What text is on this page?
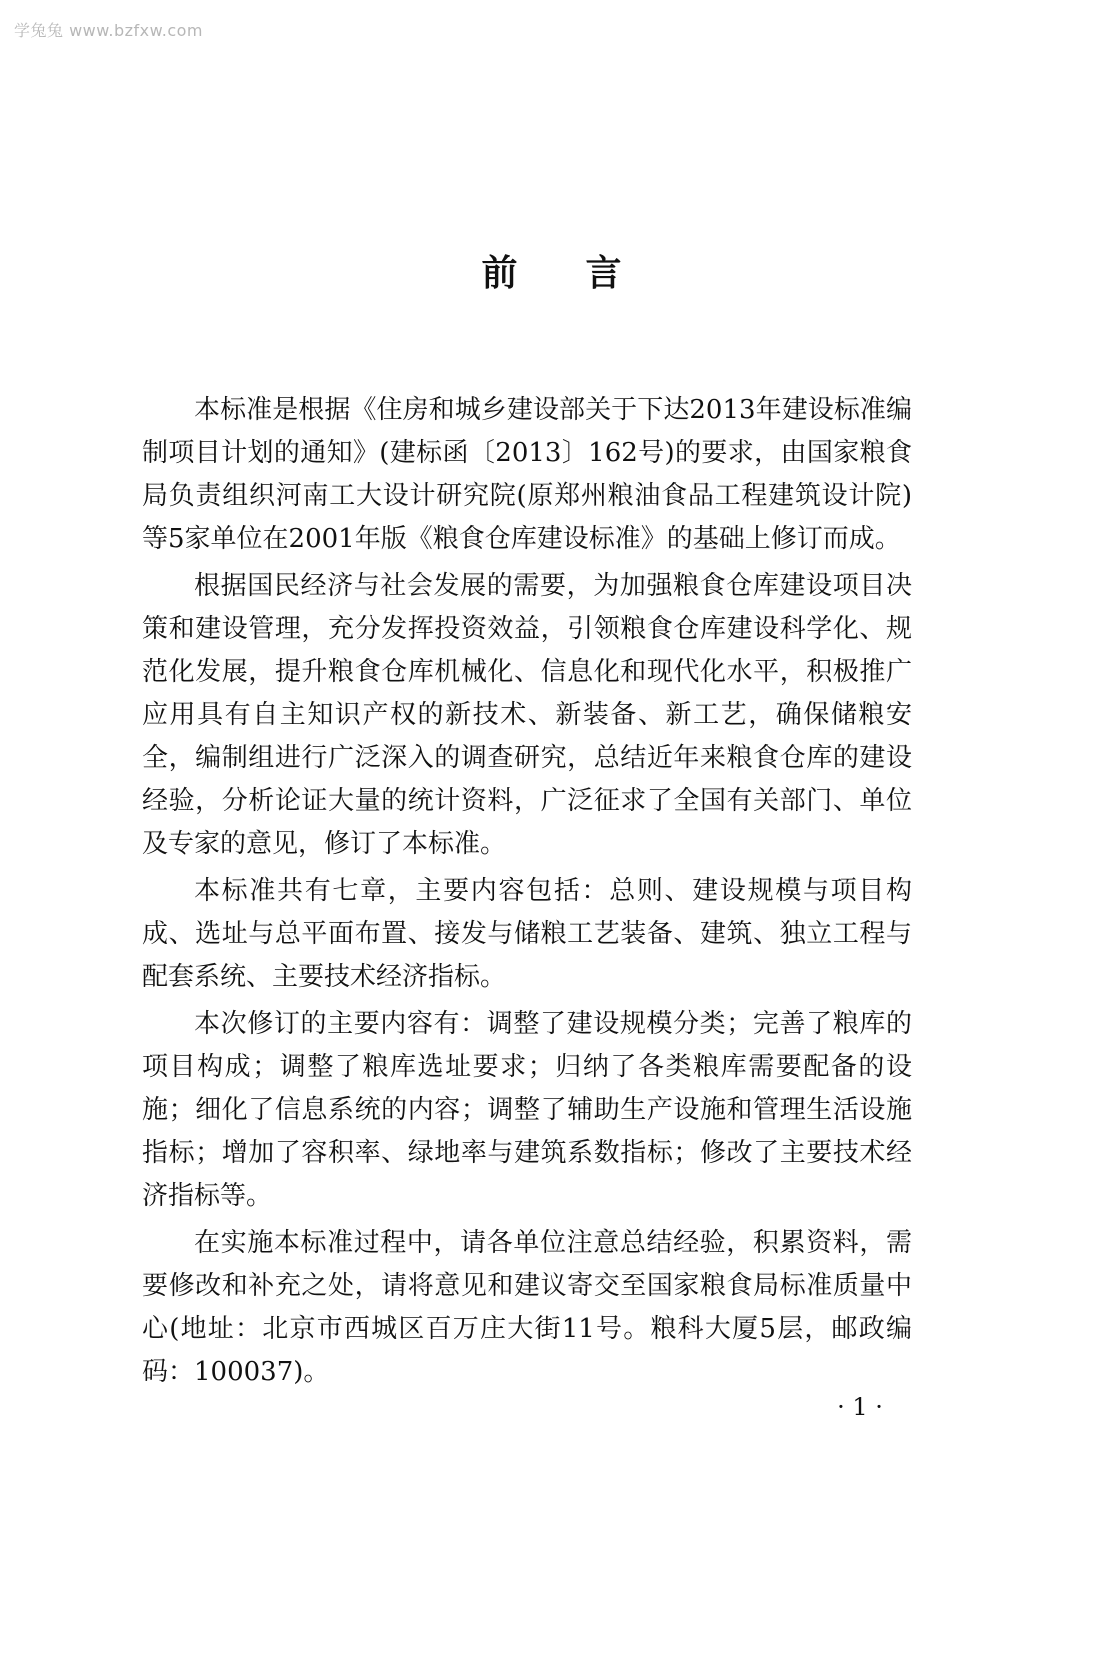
学兔兔 www.bzfxw.com
前言

本标准是根据《住房和城乡建设部关于下达2013年建设标准编制项目计划的通知》(建标函〔2013〕162号)的要求，由国家粮食局负责组织河南工大设计研究院(原郑州粮油食品工程建筑设计院)等5家单位在2001年版《粮食仓库建设标准》的基础上修订而成。

根据国民经济与社会发展的需要，为加强粮食仓库建设项目决策和建设管理，充分发挥投资效益，引领粮食仓库建设科学化、规范化发展，提升粮食仓库机械化、信息化和现代化水平，积极推广应用具有自主知识产权的新技术、新装备、新工艺，确保储粮安全，编制组进行广泛深入的调查研究，总结近年来粮食仓库的建设经验，分析论证大量的统计资料，广泛征求了全国有关部门、单位及专家的意见，修订了本标准。

本标准共有七章，主要内容包括：总则、建设规模与项目构成、选址与总平面布置、接发与储粮工艺装备、建筑、独立工程与配套系统、主要技术经济指标。

本次修订的主要内容有：调整了建设规模分类；完善了粮库的项目构成；调整了粮库选址要求；归纳了各类粮库需要配备的设施；细化了信息系统的内容；调整了辅助生产设施和管理生活设施指标；增加了容积率、绿地率与建筑系数指标；修改了主要技术经济指标等。

在实施本标准过程中，请各单位注意总结经验，积累资料，需要修改和补充之处，请将意见和建议寄交至国家粮食局标准质量中心(地址：北京市西城区百万庄大街11号。粮科大厦5层，邮政编码：100037)。

· 1 ·
